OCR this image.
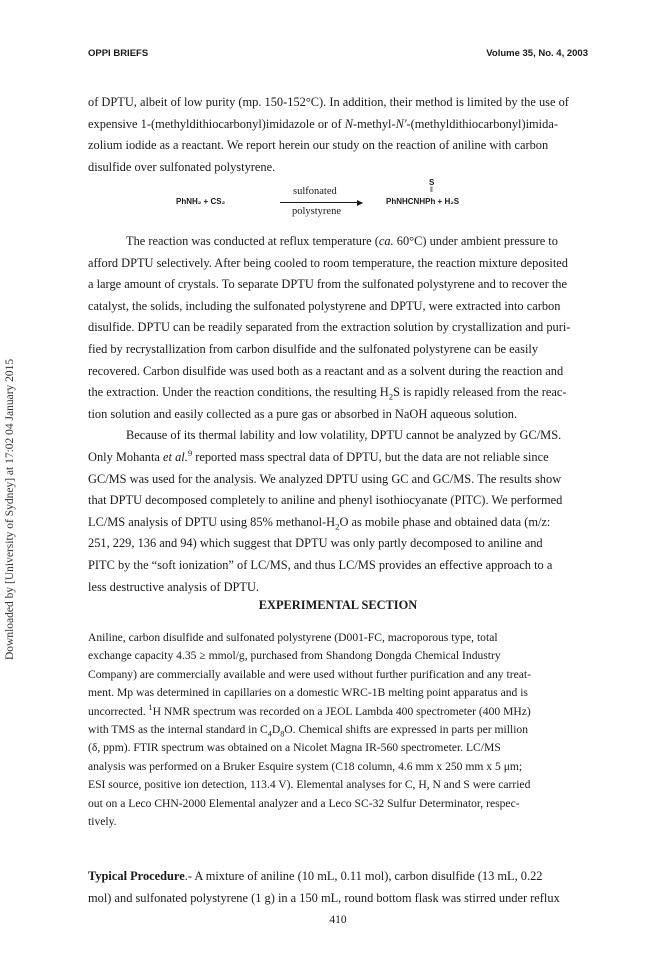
Downloaded by [University of Sydney] at 17:02 04 January 2015
OPPI BRIEFS	Volume 35, No. 4, 2003

of DPTU, albeit of low purity (mp. 150-152°C). In addition, their method is limited by the use of

expensive 1-(methyldithiocarbonyl)imidazole or of N-methyl-N'-(methyldithiocarbonyl)imida-

zolium iodide as a reactant. We report herein our study on the reaction of aniline with carbon

disulfide over sulfonated polystyrene.

PhNH₂ + CS₂
sulfonated
polystyrene
S
‖
PhNHCNHPh + H₂S

The reaction was conducted at reflux temperature (ca. 60°C) under ambient pressure to

afford DPTU selectively. After being cooled to room temperature, the reaction mixture deposited

a large amount of crystals. To separate DPTU from the sulfonated polystyrene and to recover the

catalyst, the solids, including the sulfonated polystyrene and DPTU, were extracted into carbon

disulfide. DPTU can be readily separated from the extraction solution by crystallization and puri-

fied by recrystallization from carbon disulfide and the sulfonated polystyrene can be easily

recovered. Carbon disulfide was used both as a reactant and as a solvent during the reaction and

the extraction. Under the reaction conditions, the resulting $H_2S$ is rapidly released from the reac-

tion solution and easily collected as a pure gas or absorbed in NaOH aqueous solution.

Because of its thermal lability and low volatility, DPTU cannot be analyzed by GC/MS.

Only Mohanta et al.$^9$ reported mass spectral data of DPTU, but the data are not reliable since

GC/MS was used for the analysis. We analyzed DPTU using GC and GC/MS. The results show

that DPTU decomposed completely to aniline and phenyl isothiocyanate (PITC). We performed

LC/MS analysis of DPTU using 85% methanol-$H_2O$ as mobile phase and obtained data (m/z:

251, 229, 136 and 94) which suggest that DPTU was only partly decomposed to aniline and

PITC by the “soft ionization” of LC/MS, and thus LC/MS provides an effective approach to a

less destructive analysis of DPTU.

EXPERIMENTAL SECTION

Aniline, carbon disulfide and sulfonated polystyrene (D001-FC, macroporous type, total

exchange capacity 4.35 ≥ mmol/g, purchased from Shandong Dongda Chemical Industry

Company) are commercially available and were used without further purification and any treat-

ment. Mp was determined in capillaries on a domestic WRC-1B melting point apparatus and is

uncorrected. $^1$H NMR spectrum was recorded on a JEOL Lambda 400 spectrometer (400 MHz)

with TMS as the internal standard in $C_4D_8O$. Chemical shifts are expressed in parts per million

(δ, ppm). FTIR spectrum was obtained on a Nicolet Magna IR-560 spectrometer. LC/MS

analysis was performed on a Bruker Esquire system (C18 column, 4.6 mm x 250 mm x 5 μm;

ESI source, positive ion detection, 113.4 V). Elemental analyses for C, H, N and S were carried

out on a Leco CHN-2000 Elemental analyzer and a Leco SC-32 Sulfur Determinator, respec-

tively.

Typical Procedure.- A mixture of aniline (10 mL, 0.11 mol), carbon disulfide (13 mL, 0.22

mol) and sulfonated polystyrene (1 g) in a 150 mL, round bottom flask was stirred under reflux

410
